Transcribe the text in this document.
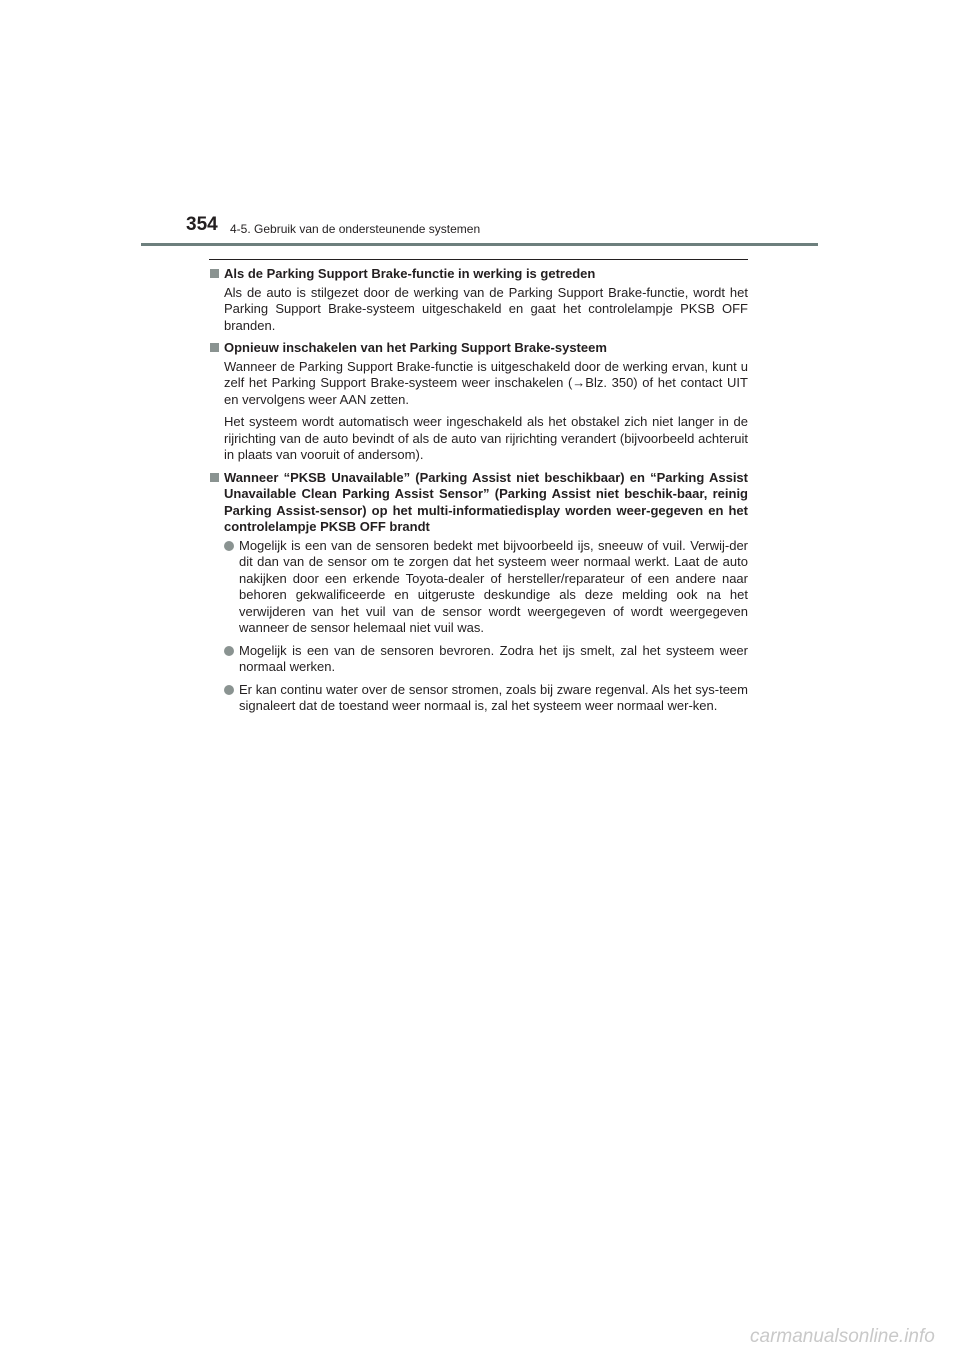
354 4-5. Gebruik van de ondersteunende systemen
Als de Parking Support Brake-functie in werking is getreden
Als de auto is stilgezet door de werking van de Parking Support Brake-functie, wordt het Parking Support Brake-systeem uitgeschakeld en gaat het controlelampje PKSB OFF branden.
Opnieuw inschakelen van het Parking Support Brake-systeem
Wanneer de Parking Support Brake-functie is uitgeschakeld door de werking ervan, kunt u zelf het Parking Support Brake-systeem weer inschakelen (→Blz. 350) of het contact UIT en vervolgens weer AAN zetten.
Het systeem wordt automatisch weer ingeschakeld als het obstakel zich niet langer in de rijrichting van de auto bevindt of als de auto van rijrichting verandert (bijvoorbeeld achteruit in plaats van vooruit of andersom).
Wanneer “PKSB Unavailable” (Parking Assist niet beschikbaar) en “Parking Assist Unavailable Clean Parking Assist Sensor” (Parking Assist niet beschik-baar, reinig Parking Assist-sensor) op het multi-informatiedisplay worden weer-gegeven en het controlelampje PKSB OFF brandt
Mogelijk is een van de sensoren bedekt met bijvoorbeeld ijs, sneeuw of vuil. Verwij-der dit dan van de sensor om te zorgen dat het systeem weer normaal werkt. Laat de auto nakijken door een erkende Toyota-dealer of hersteller/reparateur of een andere naar behoren gekwalificeerde en uitgeruste deskundige als deze melding ook na het verwijderen van het vuil van de sensor wordt weergegeven of wordt weergegeven wanneer de sensor helemaal niet vuil was.
Mogelijk is een van de sensoren bevroren. Zodra het ijs smelt, zal het systeem weer normaal werken.
Er kan continu water over de sensor stromen, zoals bij zware regenval. Als het sys-teem signaleert dat de toestand weer normaal is, zal het systeem weer normaal wer-ken.
carmanualsonline.info
